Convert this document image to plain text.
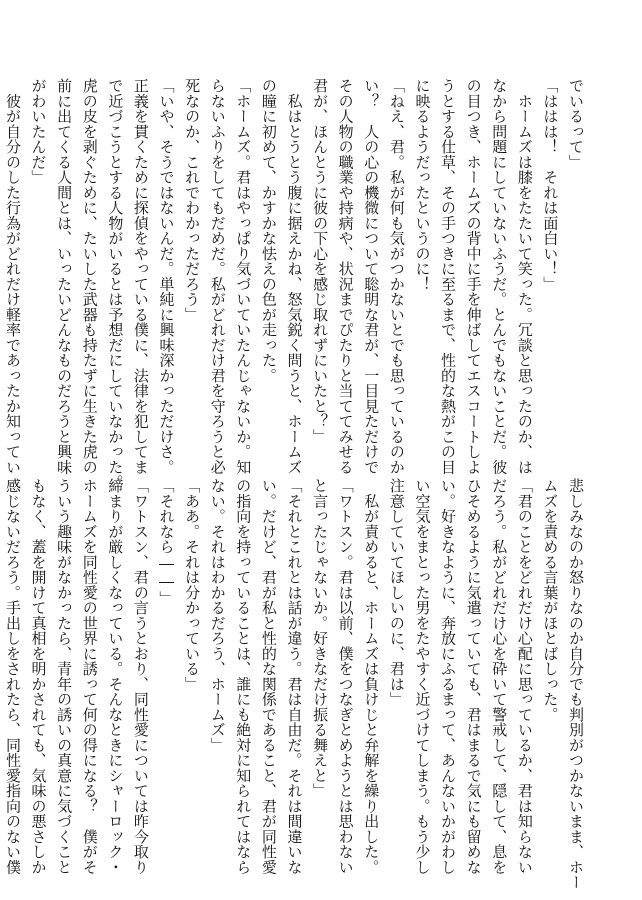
でいるって」
「ははは！　それは面白い！」
　ホームズは膝をたたいて笑った。冗談と思ったのか、は
なから問題にしていないふうだ。とんでもないことだ。彼
の目つき、ホームズの背中に手を伸ばしてエスコートしよ
うとする仕草、その手つきに至るまで、性的な熱がこの目
に映るようだったというのに！
「ねえ、君。私が何も気がつかないとでも思っているのか
い？　人の心の機微について聡明な君が、一目見ただけで
その人物の職業や持病や、状況までぴたりと当ててみせる
君が、ほんとうに彼の下心を感じ取れずにいたと？」
　私はとうとう腹に据えかね、怒気鋭く問うと、ホームズ
の瞳に初めて、かすかな怯えの色が走った。
「ホームズ。君はやっぱり気づいていたんじゃないか。知
らないふりをしてもだめだ。私がどれだけ君を守ろうと必
死なのか、これでわかっただろう」
「いや、そうではないんだ。単純に興味深かっただけさ。
正義を貫くために探偵をやっている僕に、法律を犯してま
で近づこうとする人物がいるとは予想だにしていなかった。
虎の皮を剥ぐために、たいした武器も持たずに生きた虎の
前に出てくる人間とは、いったいどんなものだろうと興味
がわいたんだ」
　彼が自分のした行為がどれだけ軽率であったか知ってい
悲しみなのか怒りなのか自分でも判別がつかないまま、ホー
ムズを責める言葉がほとばしった。
「君のことをどれだけ心配に思っているか、君は知らない
だろう。私がどれだけ心を砕いて警戒して、隠して、息を
ひそめるように気遣っていても、君はまるで気にも留めな
い。好きなように、奔放にふるまって、あんないかがわし
い空気をまとった男をたやすく近づけてしまう。もう少し
注意していてほしいのに、君は」
　私が責めると、ホームズは負けじと弁解を繰り出した。
「ワトスン。君は以前、僕をつなぎとめようとは思わない
と言ったじゃないか。好きなだけ振る舞えと」
「それとこれとは話が違う。君は自由だ。それは間違いな
い。だけど、君が私と性的な関係であること、君が同性愛
の指向を持っていることは、誰にも絶対に知られてはなら
ない。それはわかるだろう、ホームズ」
「ああ。それは分かっている」
「それなら――」
「ワトスン、君の言うとおり、同性愛については昨今取り
締まりが厳しくなっている。そんなときにシャーロック・
ホームズを同性愛の世界に誘って何の得になる？　僕がそ
ういう趣味がなかったら、青年の誘いの真意に気づくこと
もなく、蓋を開けて真相を明かされても、気味の悪さしか
感じないだろう。手出しをされたら、同性愛指向のない僕
